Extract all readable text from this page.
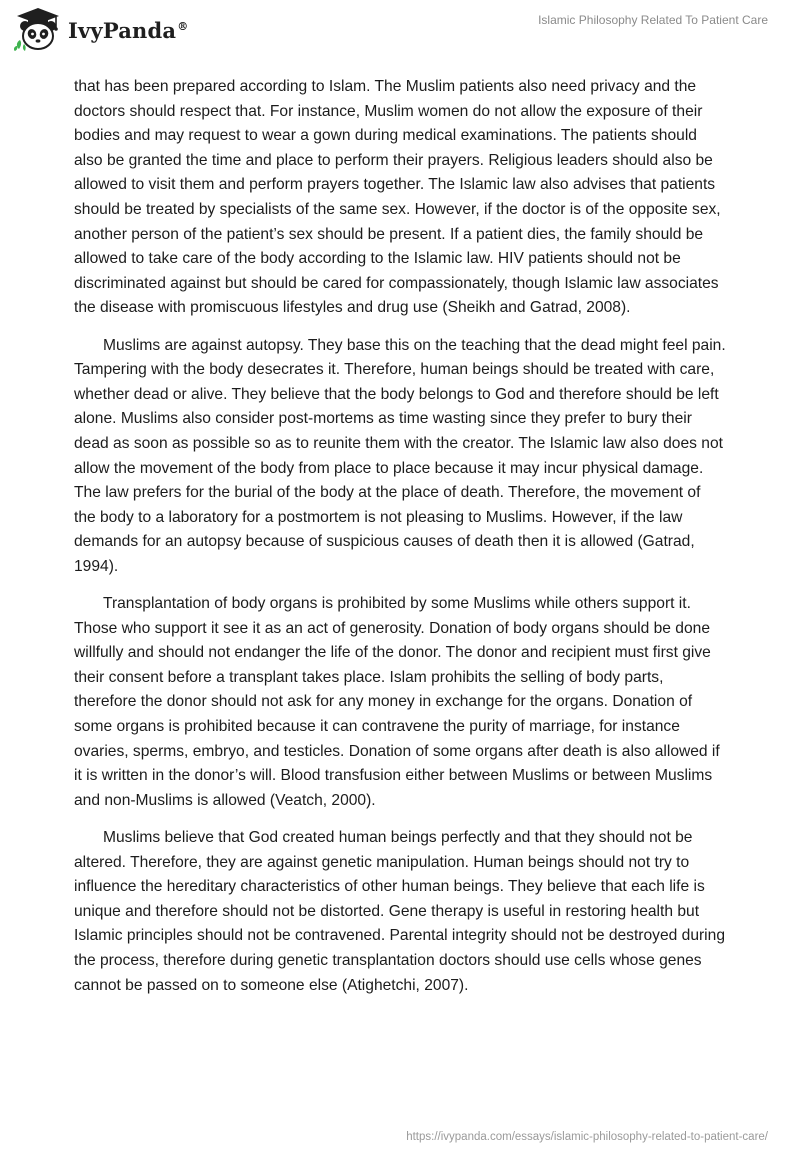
IvyPanda®	Islamic Philosophy Related To Patient Care

that has been prepared according to Islam. The Muslim patients also need privacy and the doctors should respect that. For instance, Muslim women do not allow the exposure of their bodies and may request to wear a gown during medical examinations. The patients should also be granted the time and place to perform their prayers. Religious leaders should also be allowed to visit them and perform prayers together. The Islamic law also advises that patients should be treated by specialists of the same sex. However, if the doctor is of the opposite sex, another person of the patient’s sex should be present. If a patient dies, the family should be allowed to take care of the body according to the Islamic law. HIV patients should not be discriminated against but should be cared for compassionately, though Islamic law associates the disease with promiscuous lifestyles and drug use (Sheikh and Gatrad, 2008).

Muslims are against autopsy. They base this on the teaching that the dead might feel pain. Tampering with the body desecrates it. Therefore, human beings should be treated with care, whether dead or alive. They believe that the body belongs to God and therefore should be left alone. Muslims also consider post-mortems as time wasting since they prefer to bury their dead as soon as possible so as to reunite them with the creator. The Islamic law also does not allow the movement of the body from place to place because it may incur physical damage. The law prefers for the burial of the body at the place of death. Therefore, the movement of the body to a laboratory for a postmortem is not pleasing to Muslims. However, if the law demands for an autopsy because of suspicious causes of death then it is allowed (Gatrad, 1994).

Transplantation of body organs is prohibited by some Muslims while others support it. Those who support it see it as an act of generosity. Donation of body organs should be done willfully and should not endanger the life of the donor. The donor and recipient must first give their consent before a transplant takes place. Islam prohibits the selling of body parts, therefore the donor should not ask for any money in exchange for the organs. Donation of some organs is prohibited because it can contravene the purity of marriage, for instance ovaries, sperms, embryo, and testicles. Donation of some organs after death is also allowed if it is written in the donor’s will. Blood transfusion either between Muslims or between Muslims and non-Muslims is allowed (Veatch, 2000).

Muslims believe that God created human beings perfectly and that they should not be altered. Therefore, they are against genetic manipulation. Human beings should not try to influence the hereditary characteristics of other human beings. They believe that each life is unique and therefore should not be distorted. Gene therapy is useful in restoring health but Islamic principles should not be contravened. Parental integrity should not be destroyed during the process, therefore during genetic transplantation doctors should use cells whose genes cannot be passed on to someone else (Atighetchi, 2007).

https://ivypanda.com/essays/islamic-philosophy-related-to-patient-care/
